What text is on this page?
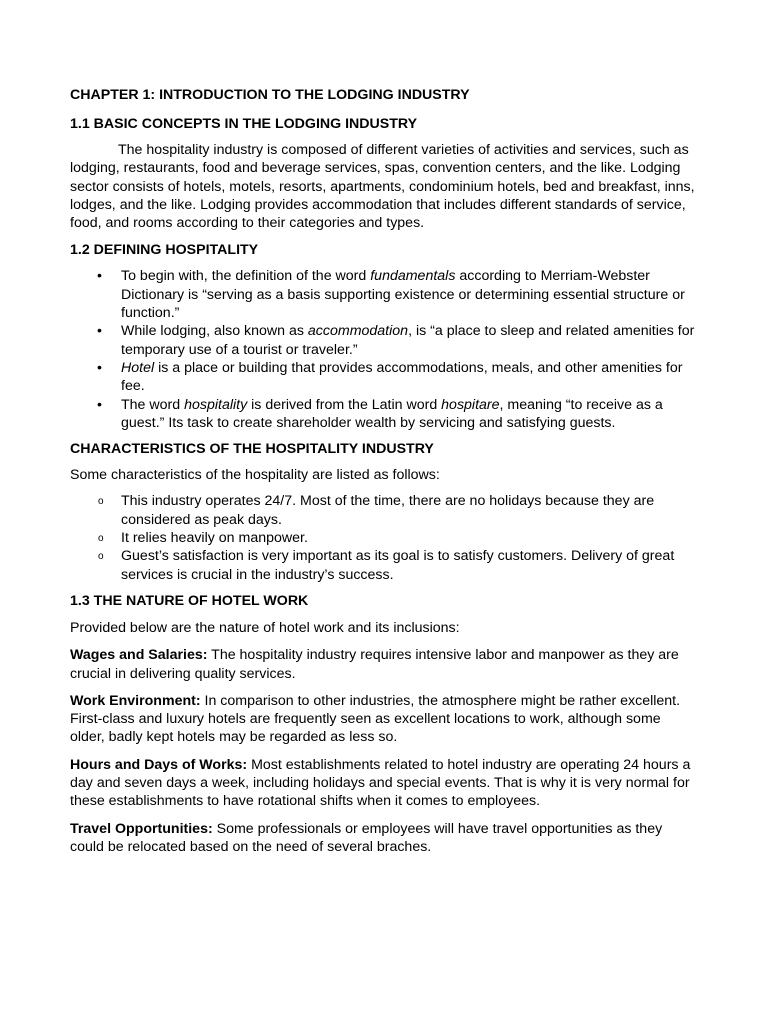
CHAPTER 1: INTRODUCTION TO THE LODGING INDUSTRY
1.1 BASIC CONCEPTS IN THE LODGING INDUSTRY

The hospitality industry is composed of different varieties of activities and services, such as lodging, restaurants, food and beverage services, spas, convention centers, and the like. Lodging sector consists of hotels, motels, resorts, apartments, condominium hotels, bed and breakfast, inns, lodges, and the like. Lodging provides accommodation that includes different standards of service, food, and rooms according to their categories and types.

1.2 DEFINING HOSPITALITY
• To begin with, the definition of the word fundamentals according to Merriam-Webster Dictionary is “serving as a basis supporting existence or determining essential structure or function.”
• While lodging, also known as accommodation, is “a place to sleep and related amenities for temporary use of a tourist or traveler.”
• Hotel is a place or building that provides accommodations, meals, and other amenities for fee.
• The word hospitality is derived from the Latin word hospitare, meaning “to receive as a guest.” Its task to create shareholder wealth by servicing and satisfying guests.
CHARACTERISTICS OF THE HOSPITALITY INDUSTRY

Some characteristics of the hospitality are listed as follows:

o This industry operates 24/7. Most of the time, there are no holidays because they are considered as peak days.
o It relies heavily on manpower.
o Guest’s satisfaction is very important as its goal is to satisfy customers. Delivery of great services is crucial in the industry’s success.
1.3 THE NATURE OF HOTEL WORK

Provided below are the nature of hotel work and its inclusions:

Wages and Salaries: The hospitality industry requires intensive labor and manpower as they are crucial in delivering quality services.

Work Environment: In comparison to other industries, the atmosphere might be rather excellent. First-class and luxury hotels are frequently seen as excellent locations to work, although some older, badly kept hotels may be regarded as less so.

Hours and Days of Works: Most establishments related to hotel industry are operating 24 hours a day and seven days a week, including holidays and special events. That is why it is very normal for these establishments to have rotational shifts when it comes to employees.

Travel Opportunities: Some professionals or employees will have travel opportunities as they could be relocated based on the need of several braches.
